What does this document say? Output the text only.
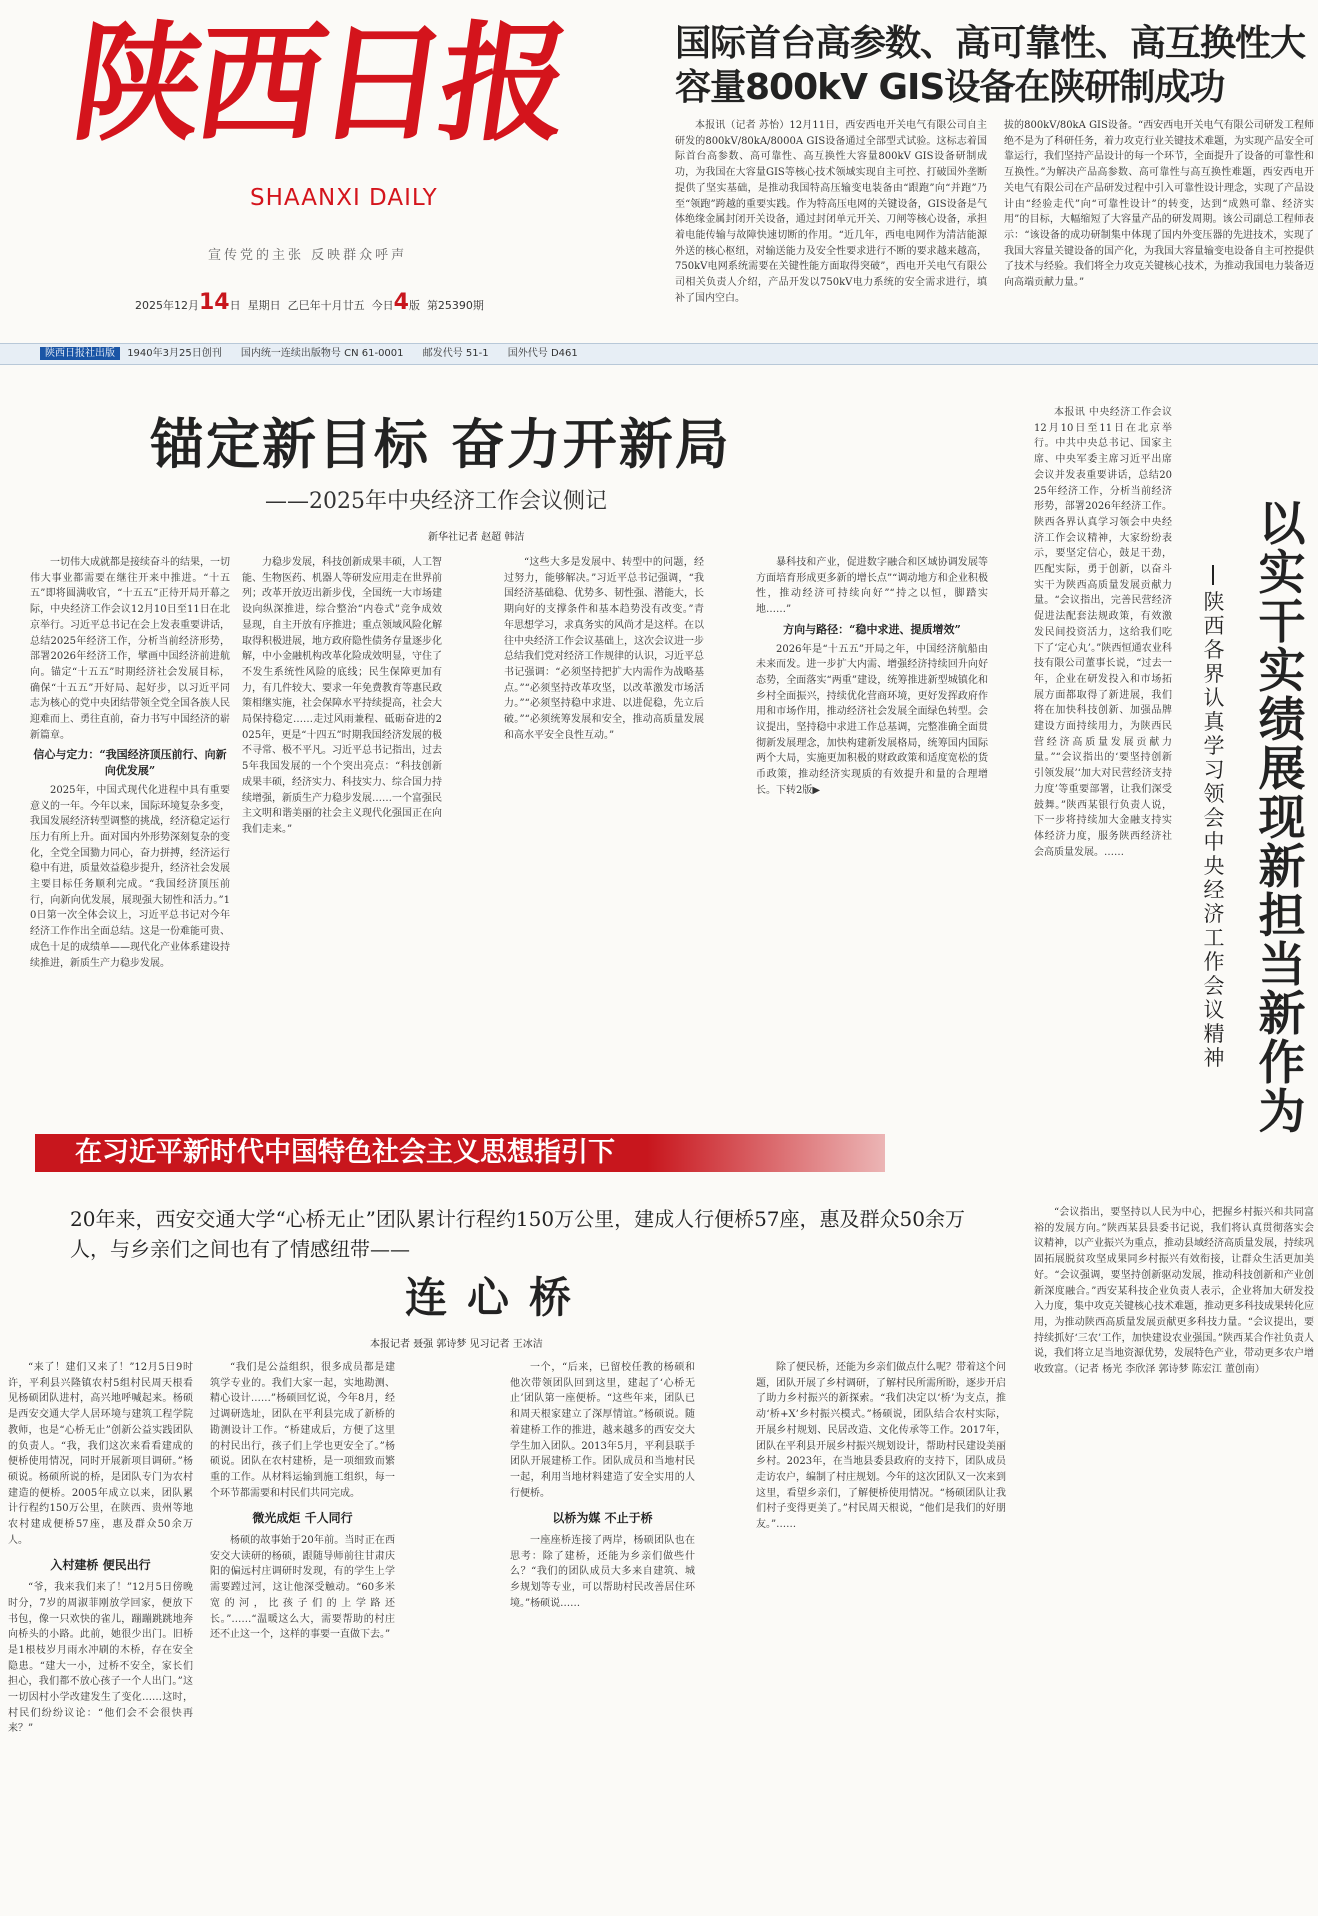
陕西日报
SHAANXI DAILY
宣传党的主张 反映群众呼声
2025年12月14日 星期日 乙巳年十月廿五 今日4版 第25390期
国际首台高参数、高可靠性、高互换性大容量800kV GIS设备在陕研制成功
本报讯（记者 苏怡）12月11日，西安西电开关电气有限公司自主研发的800kV/80kA/8000A GIS设备通过全部型式试验。这标志着国际首台高参数、高可靠性、高互换性大容量800kV GIS设备研制成功，为我国在大容量GIS等核心技术领域实现自主可控、打破国外垄断提供了坚实基础，是推动我国特高压输变电装备由“跟跑”向“并跑”乃至“领跑”跨越的重要实践。作为特高压电网的关键设备，GIS设备是气体绝缘金属封闭开关设备，通过封闭单元开关、刀闸等核心设备，承担着电能传输与故障快速切断的作用。“近几年，西电电网作为清洁能源外送的核心枢纽，对输送能力及安全性要求进行不断的要求越来越高，750kV电网系统需要在关键性能方面取得突破”，西电开关电气有限公司相关负责人介绍，产品开发以750kV电力系统的安全需求进行，填补了国内空白。
拔的800kV/80kA GIS设备。“西安西电开关电气有限公司研发工程师绝不是为了科研任务，着力攻克行业关键技术难题，为实现产品安全可靠运行，我们坚持产品设计的每一个环节，全面提升了设备的可靠性和互换性。”为解决产品高参数、高可靠性与高互换性难题，西安西电开关电气有限公司在产品研发过程中引入可靠性设计理念，实现了产品设计由“经验走代”向“可靠性设计”的转变，达到“成熟可靠、经济实用”的目标，大幅缩短了大容量产品的研发周期。该公司副总工程师表示：“该设备的成功研制集中体现了国内外变压器的先进技术，实现了我国大容量关键设备的国产化，为我国大容量输变电设备自主可控提供了技术与经验。我们将全力攻克关键核心技术，为推动我国电力装备迈向高端贡献力量。”
陕西日报社出版 1940年3月25日创刊 国内统一连续出版物号 CN 61-0001 邮发代号 51-1 国外代号 D461
锚定新目标 奋力开新局
——2025年中央经济工作会议侧记
新华社记者 赵超 韩洁
一切伟大成就都是接续奋斗的结果，一切伟大事业都需要在继往开来中推进。“十五五”即将圆满收官，“十五五”正待开局开幕之际，中央经济工作会议12月10日至11日在北京举行。习近平总书记在会上发表重要讲话，总结2025年经济工作，分析当前经济形势，部署2026年经济工作，擘画中国经济前进航向。锚定“十五五”时期经济社会发展目标，确保“十五五”开好局、起好步，以习近平同志为核心的党中央团结带领全党全国各族人民迎难而上、勇往直前，奋力书写中国经济的崭新篇章。
信心与定力：“我国经济顶压前行、向新向优发展”
2025年，中国式现代化进程中具有重要意义的一年。今年以来，国际环境复杂多变，我国发展经济转型调整的挑战，经济稳定运行压力有所上升。面对国内外形势深刻复杂的变化，全党全国勠力同心，奋力拼搏，经济运行稳中有进，质量效益稳步提升，经济社会发展主要目标任务顺利完成。“我国经济顶压前行，向新向优发展，展现强大韧性和活力。”10日第一次全体会议上，习近平总书记对今年经济工作作出全面总结。这是一份难能可贵、成色十足的成绩单——现代化产业体系建设持续推进，新质生产力稳步发展。
力稳步发展，科技创新成果丰硕，人工智能、生物医药、机器人等研发应用走在世界前列；改革开放迈出新步伐，全国统一大市场建设向纵深推进，综合整治“内卷式”竞争成效显现，自主开放有序推进；重点领域风险化解取得积极进展，地方政府隐性债务存量逐步化解，中小金融机构改革化险成效明显，守住了不发生系统性风险的底线；民生保障更加有力，有几件较大、要求一年免费教育等惠民政策相继实施，社会保障水平持续提高，社会大局保持稳定……走过风雨兼程、砥砺奋进的2025年，更是“十四五”时期我国经济发展的极不寻常、极不平凡。习近平总书记指出，过去5年我国发展的一个个突出亮点：“科技创新成果丰硕，经济实力、科技实力、综合国力持续增强，新质生产力稳步发展……一个富强民主文明和谐美丽的社会主义现代化强国正在向我们走来。”
“这些大多是发展中、转型中的问题，经过努力，能够解决。”习近平总书记强调，“我国经济基础稳、优势多、韧性强、潜能大，长期向好的支撑条件和基本趋势没有改变。”青年思想学习，求真务实的风尚才是这样。在以往中央经济工作会议基础上，这次会议进一步总结我们党对经济工作规律的认识，习近平总书记强调：“必须坚持把扩大内需作为战略基点。”“必须坚持改革攻坚，以改革激发市场活力。”“必须坚持稳中求进、以进促稳，先立后破。”“必须统筹发展和安全，推动高质量发展和高水平安全良性互动。”
暴科技和产业，促进数字融合和区域协调发展等方面培育形成更多新的增长点”“调动地方和企业积极性，推动经济可持续向好”“持之以恒，脚踏实地……”
方向与路径：“稳中求进、提质增效”
2026年是“十五五”开局之年，中国经济航船由未来而发。进一步扩大内需、增强经济持续回升向好态势，全面落实“两重”建设，统筹推进新型城镇化和乡村全面振兴，持续优化营商环境，更好发挥政府作用和市场作用，推动经济社会发展全面绿色转型。会议提出，坚持稳中求进工作总基调，完整准确全面贯彻新发展理念，加快构建新发展格局，统筹国内国际两个大局，实施更加积极的财政政策和适度宽松的货币政策，推动经济实现质的有效提升和量的合理增长。下转2版▶
本报讯 中央经济工作会议12月10日至11日在北京举行。中共中央总书记、国家主席、中央军委主席习近平出席会议并发表重要讲话，总结2025年经济工作，分析当前经济形势，部署2026年经济工作。陕西各界认真学习领会中央经济工作会议精神，大家纷纷表示，要坚定信心，鼓足干劲，匹配实际，勇于创新，以奋斗实干为陕西高质量发展贡献力量。“会议指出，完善民营经济促进法配套法规政策，有效激发民间投资活力，这给我们吃下了‘定心丸’。”陕西恒通农业科技有限公司董事长说，“过去一年，企业在研发投入和市场拓展方面都取得了新进展，我们将在加快科技创新、加强品牌建设方面持续用力，为陕西民营经济高质量发展贡献力量。”“会议指出的‘要坚持创新引领发展’‘加大对民营经济支持力度’等重要部署，让我们深受鼓舞。”陕西某银行负责人说，下一步将持续加大金融支持实体经济力度，服务陕西经济社会高质量发展。……
以实干实绩展现新担当新作为
陕西各界认真学习领会中央经济工作会议精神
在习近平新时代中国特色社会主义思想指引下
20年来，西安交通大学“心桥无止”团队累计行程约150万公里，建成人行便桥57座，惠及群众50余万人，与乡亲们之间也有了情感纽带——
连心桥
本报记者 聂强 郭诗梦 见习记者 王冰洁
“来了！建们又来了！”12月5日9时许，平利县兴隆镇农村5组村民周天根看见杨硕团队进村，高兴地呼喊起来。杨硕是西安交通大学人居环境与建筑工程学院教师，也是“心桥无止”创新公益实践团队的负责人。“我，我们这次来看看建成的便桥使用情况，同时开展新项目调研。”杨硕说。杨硕所说的桥，是团队专门为农村建造的便桥。2005年成立以来，团队累计行程约150万公里，在陕西、贵州等地农村建成便桥57座，惠及群众50余万人。
入村建桥 便民出行
“爷，我来我们来了！”12月5日傍晚时分，7岁的周淑菲刚放学回家，便放下书包，像一只欢快的雀儿，蹦蹦跳跳地奔向桥头的小路。此前，她很少出门。旧桥是1根枝岁月雨水冲刷的木桥，存在安全隐患。“建大一小，过桥不安全，家长们担心，我们都不放心孩子一个人出门。”这一切因村小学改建发生了变化……这时，村民们纷纷议论：“他们会不会很快再来？”
“我们是公益组织，很多成员都是建筑学专业的。我们大家一起，实地勘测、精心设计……”杨硕回忆说，今年8月，经过调研选址，团队在平利县完成了新桥的勘测设计工作。“桥建成后，方便了这里的村民出行，孩子们上学也更安全了。”杨硕说。团队在农村建桥，是一项细致而繁重的工作。从材料运输到施工组织，每一个环节都需要和村民们共同完成。
微光成炬 千人同行
杨硕的故事始于20年前。当时正在西安交大读研的杨硕，跟随导师前往甘肃庆阳的偏远村庄调研时发现，有的学生上学需要蹚过河，这让他深受触动。“60多米宽的河，比孩子们的上学路还长。”……“温暖这么大，需要帮助的村庄还不止这一个，这样的事要一直做下去。”
一个，“后来，已留校任教的杨硕和他次带领团队回到这里，建起了‘心桥无止’团队第一座便桥。“这些年来，团队已和周天根家建立了深厚情谊。”杨硕说。随着建桥工作的推进，越来越多的西安交大学生加入团队。2013年5月，平利县联手团队开展建桥工作。团队成员和当地村民一起，利用当地材料建造了安全实用的人行便桥。
以桥为媒 不止于桥
一座座桥连接了两岸，杨硕团队也在思考：除了建桥，还能为乡亲们做些什么？“我们的团队成员大多来自建筑、城乡规划等专业，可以帮助村民改善居住环境。”杨硕说……
除了便民桥，还能为乡亲们做点什么呢？带着这个问题，团队开展了乡村调研，了解村民所需所盼，逐步开启了助力乡村振兴的新探索。“我们决定以‘桥’为支点，推动‘桥+X’乡村振兴模式。”杨硕说，团队结合农村实际，开展乡村规划、民居改造、文化传承等工作。2017年，团队在平利县开展乡村振兴规划设计，帮助村民建设美丽乡村。2023年，在当地县委县政府的支持下，团队成员走访农户，编制了村庄规划。今年的这次团队又一次来到这里，看望乡亲们，了解便桥使用情况。“杨硕团队让我们村子变得更美了。”村民周天根说，“他们是我们的好朋友。”……
“会议指出，要坚持以人民为中心，把握乡村振兴和共同富裕的发展方向。”陕西某县县委书记说，我们将认真贯彻落实会议精神，以产业振兴为重点，推动县域经济高质量发展，持续巩固拓展脱贫攻坚成果同乡村振兴有效衔接，让群众生活更加美好。“会议强调，要坚持创新驱动发展，推动科技创新和产业创新深度融合。”西安某科技企业负责人表示，企业将加大研发投入力度，集中攻克关键核心技术难题，推动更多科技成果转化应用，为推动陕西高质量发展贡献更多科技力量。“会议提出，要持续抓好‘三农’工作，加快建设农业强国。”陕西某合作社负责人说，我们将立足当地资源优势，发展特色产业，带动更多农户增收致富。（记者 杨光 李欣泽 郭诗梦 陈宏江 董创南）
